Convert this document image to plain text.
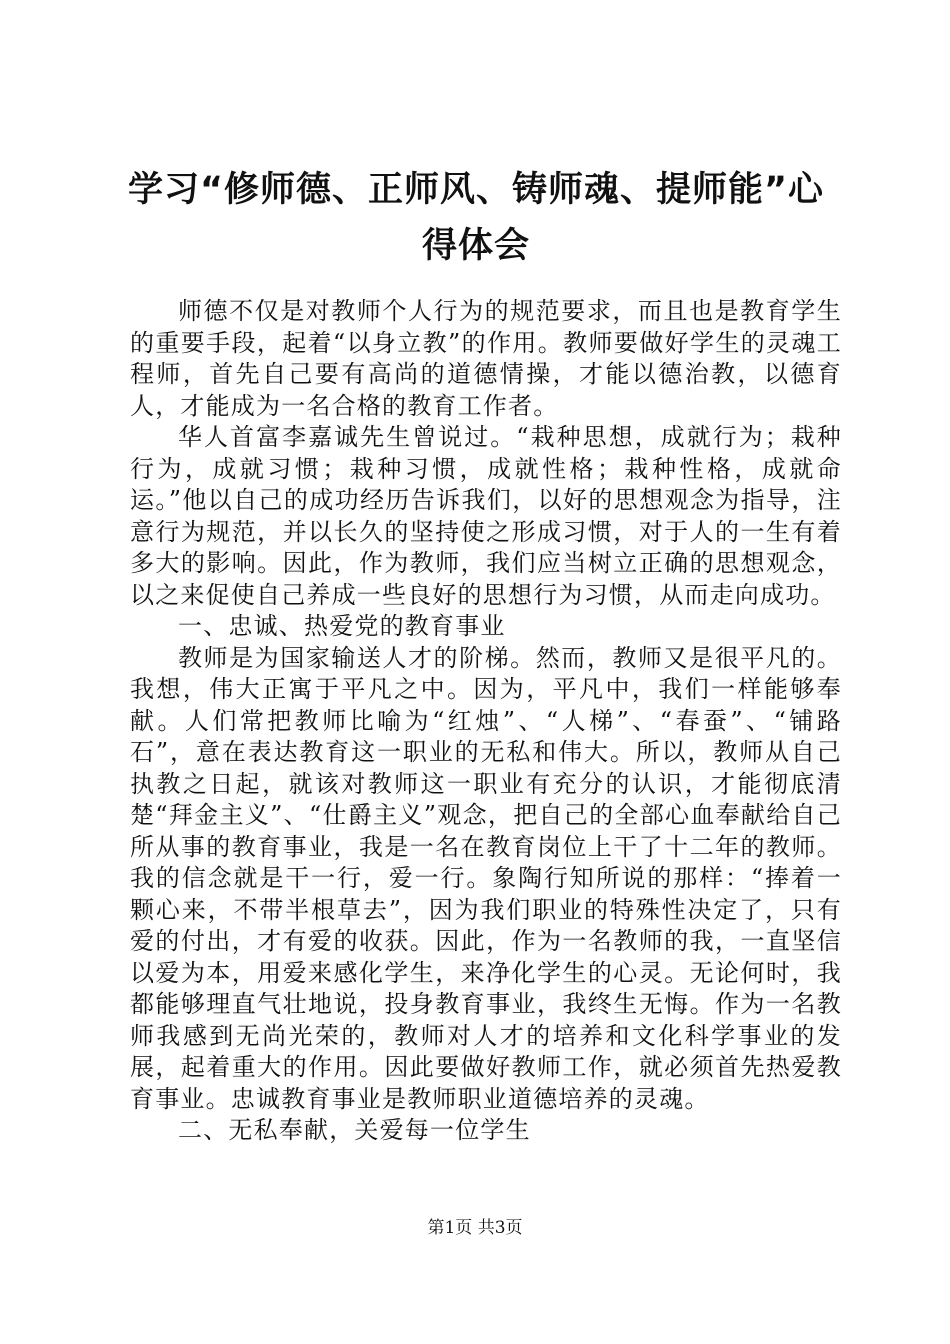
学习“修师德、正师风、铸师魂、提师能”心得体会

师德不仅是对教师个人行为的规范要求，而且也是教育学生的重要手段，起着“以身立教”的作用。教师要做好学生的灵魂工程师，首先自己要有高尚的道德情操，才能以德治教，以德育人，才能成为一名合格的教育工作者。

华人首富李嘉诚先生曾说过。“栽种思想，成就行为；栽种行为，成就习惯；栽种习惯，成就性格；栽种性格，成就命运。”他以自己的成功经历告诉我们，以好的思想观念为指导，注意行为规范，并以长久的坚持使之形成习惯，对于人的一生有着多大的影响。因此，作为教师，我们应当树立正确的思想观念，以之来促使自己养成一些良好的思想行为习惯，从而走向成功。

一、忠诚、热爱党的教育事业

教师是为国家输送人才的阶梯。然而，教师又是很平凡的。我想，伟大正寓于平凡之中。因为，平凡中，我们一样能够奉献。人们常把教师比喻为“红烛”、“人梯”、“春蚕”、“铺路石”，意在表达教育这一职业的无私和伟大。所以，教师从自己执教之日起，就该对教师这一职业有充分的认识，才能彻底清楚“拜金主义”、“仕爵主义”观念，把自己的全部心血奉献给自己所从事的教育事业，我是一名在教育岗位上干了十二年的教师。我的信念就是干一行，爱一行。象陶行知所说的那样：“捧着一颗心来，不带半根草去”，因为我们职业的特殊性决定了，只有爱的付出，才有爱的收获。因此，作为一名教师的我，一直坚信以爱为本，用爱来感化学生，来净化学生的心灵。无论何时，我都能够理直气壮地说，投身教育事业，我终生无悔。作为一名教师我感到无尚光荣的，教师对人才的培养和文化科学事业的发展，起着重大的作用。因此要做好教师工作，就必须首先热爱教育事业。忠诚教育事业是教师职业道德培养的灵魂。

二、无私奉献，关爱每一位学生

第1页 共3页
